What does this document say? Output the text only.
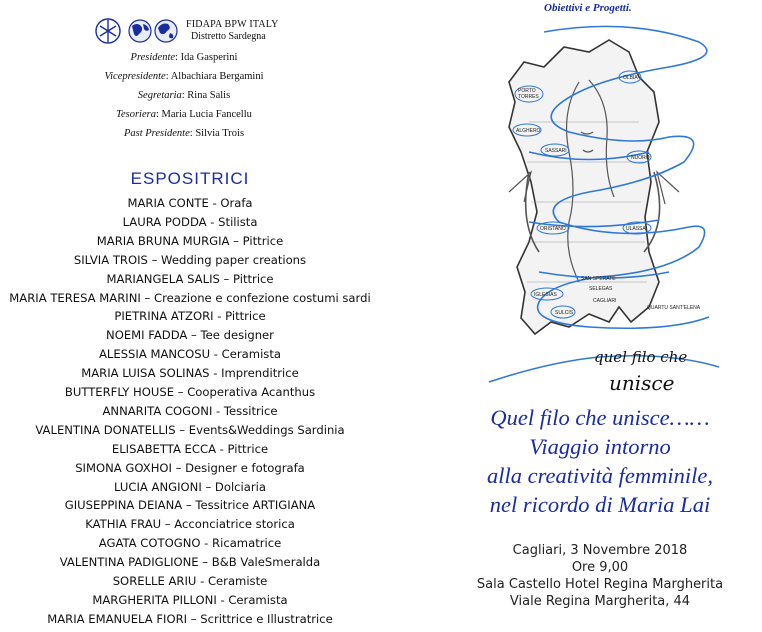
FIDAPA BPW ITALY
Distretto Sardegna
Presidente: Ida Gasperini
Vicepresidente: Albachiara Bergamini
Segretaria: Rina Salis
Tesoriera: Maria Lucia Fancellu
Past Presidente: Silvia Trois
ESPOSITRICI
MARIA CONTE - Orafa
LAURA PODDA - Stilista
MARIA BRUNA MURGIA – Pittrice
SILVIA TROIS – Wedding paper creations
MARIANGELA SALIS – Pittrice
MARIA TERESA MARINI – Creazione e confezione costumi sardi
PIETRINA ATZORI - Pittrice
NOEMI FADDA – Tee designer
ALESSIA MANCOSU - Ceramista
MARIA LUISA SOLINAS - Imprenditrice
BUTTERFLY HOUSE – Cooperativa Acanthus
ANNARITA COGONI - Tessitrice
VALENTINA DONATELLIS – Events&Weddings Sardinia
ELISABETTA ECCA - Pittrice
SIMONA GOXHOI – Designer e fotografa
LUCIA ANGIONI – Dolciaria
GIUSEPPINA DEIANA – Tessitrice ARTIGIANA
KATHIA FRAU – Acconciatrice storica
AGATA COTOGNO - Ricamatrice
VALENTINA PADIGLIONE – B&B ValeSmeralda
SORELLE ARIU - Ceramiste
MARGHERITA PILLONI - Ceramista
MARIA EMANUELA FIORI – Scrittrice e Illustratrice
Obiettivi e Progetti.
PORTO
TORRES
OLBIA
ALGHERO
SASSARI
NUORO
ORISTANO	ULASSAI
SAN SPERATE
SELEGAS
CAGLIARI
IGLESIAS
SULCIS
QUARTU SANT'ELENA
quel filo che
unisce
Quel filo che unisce……
Viaggio intorno
alla creatività femminile,
nel ricordo di Maria Lai
Cagliari, 3 Novembre 2018
Ore 9,00
Sala Castello Hotel Regina Margherita
Viale Regina Margherita, 44
